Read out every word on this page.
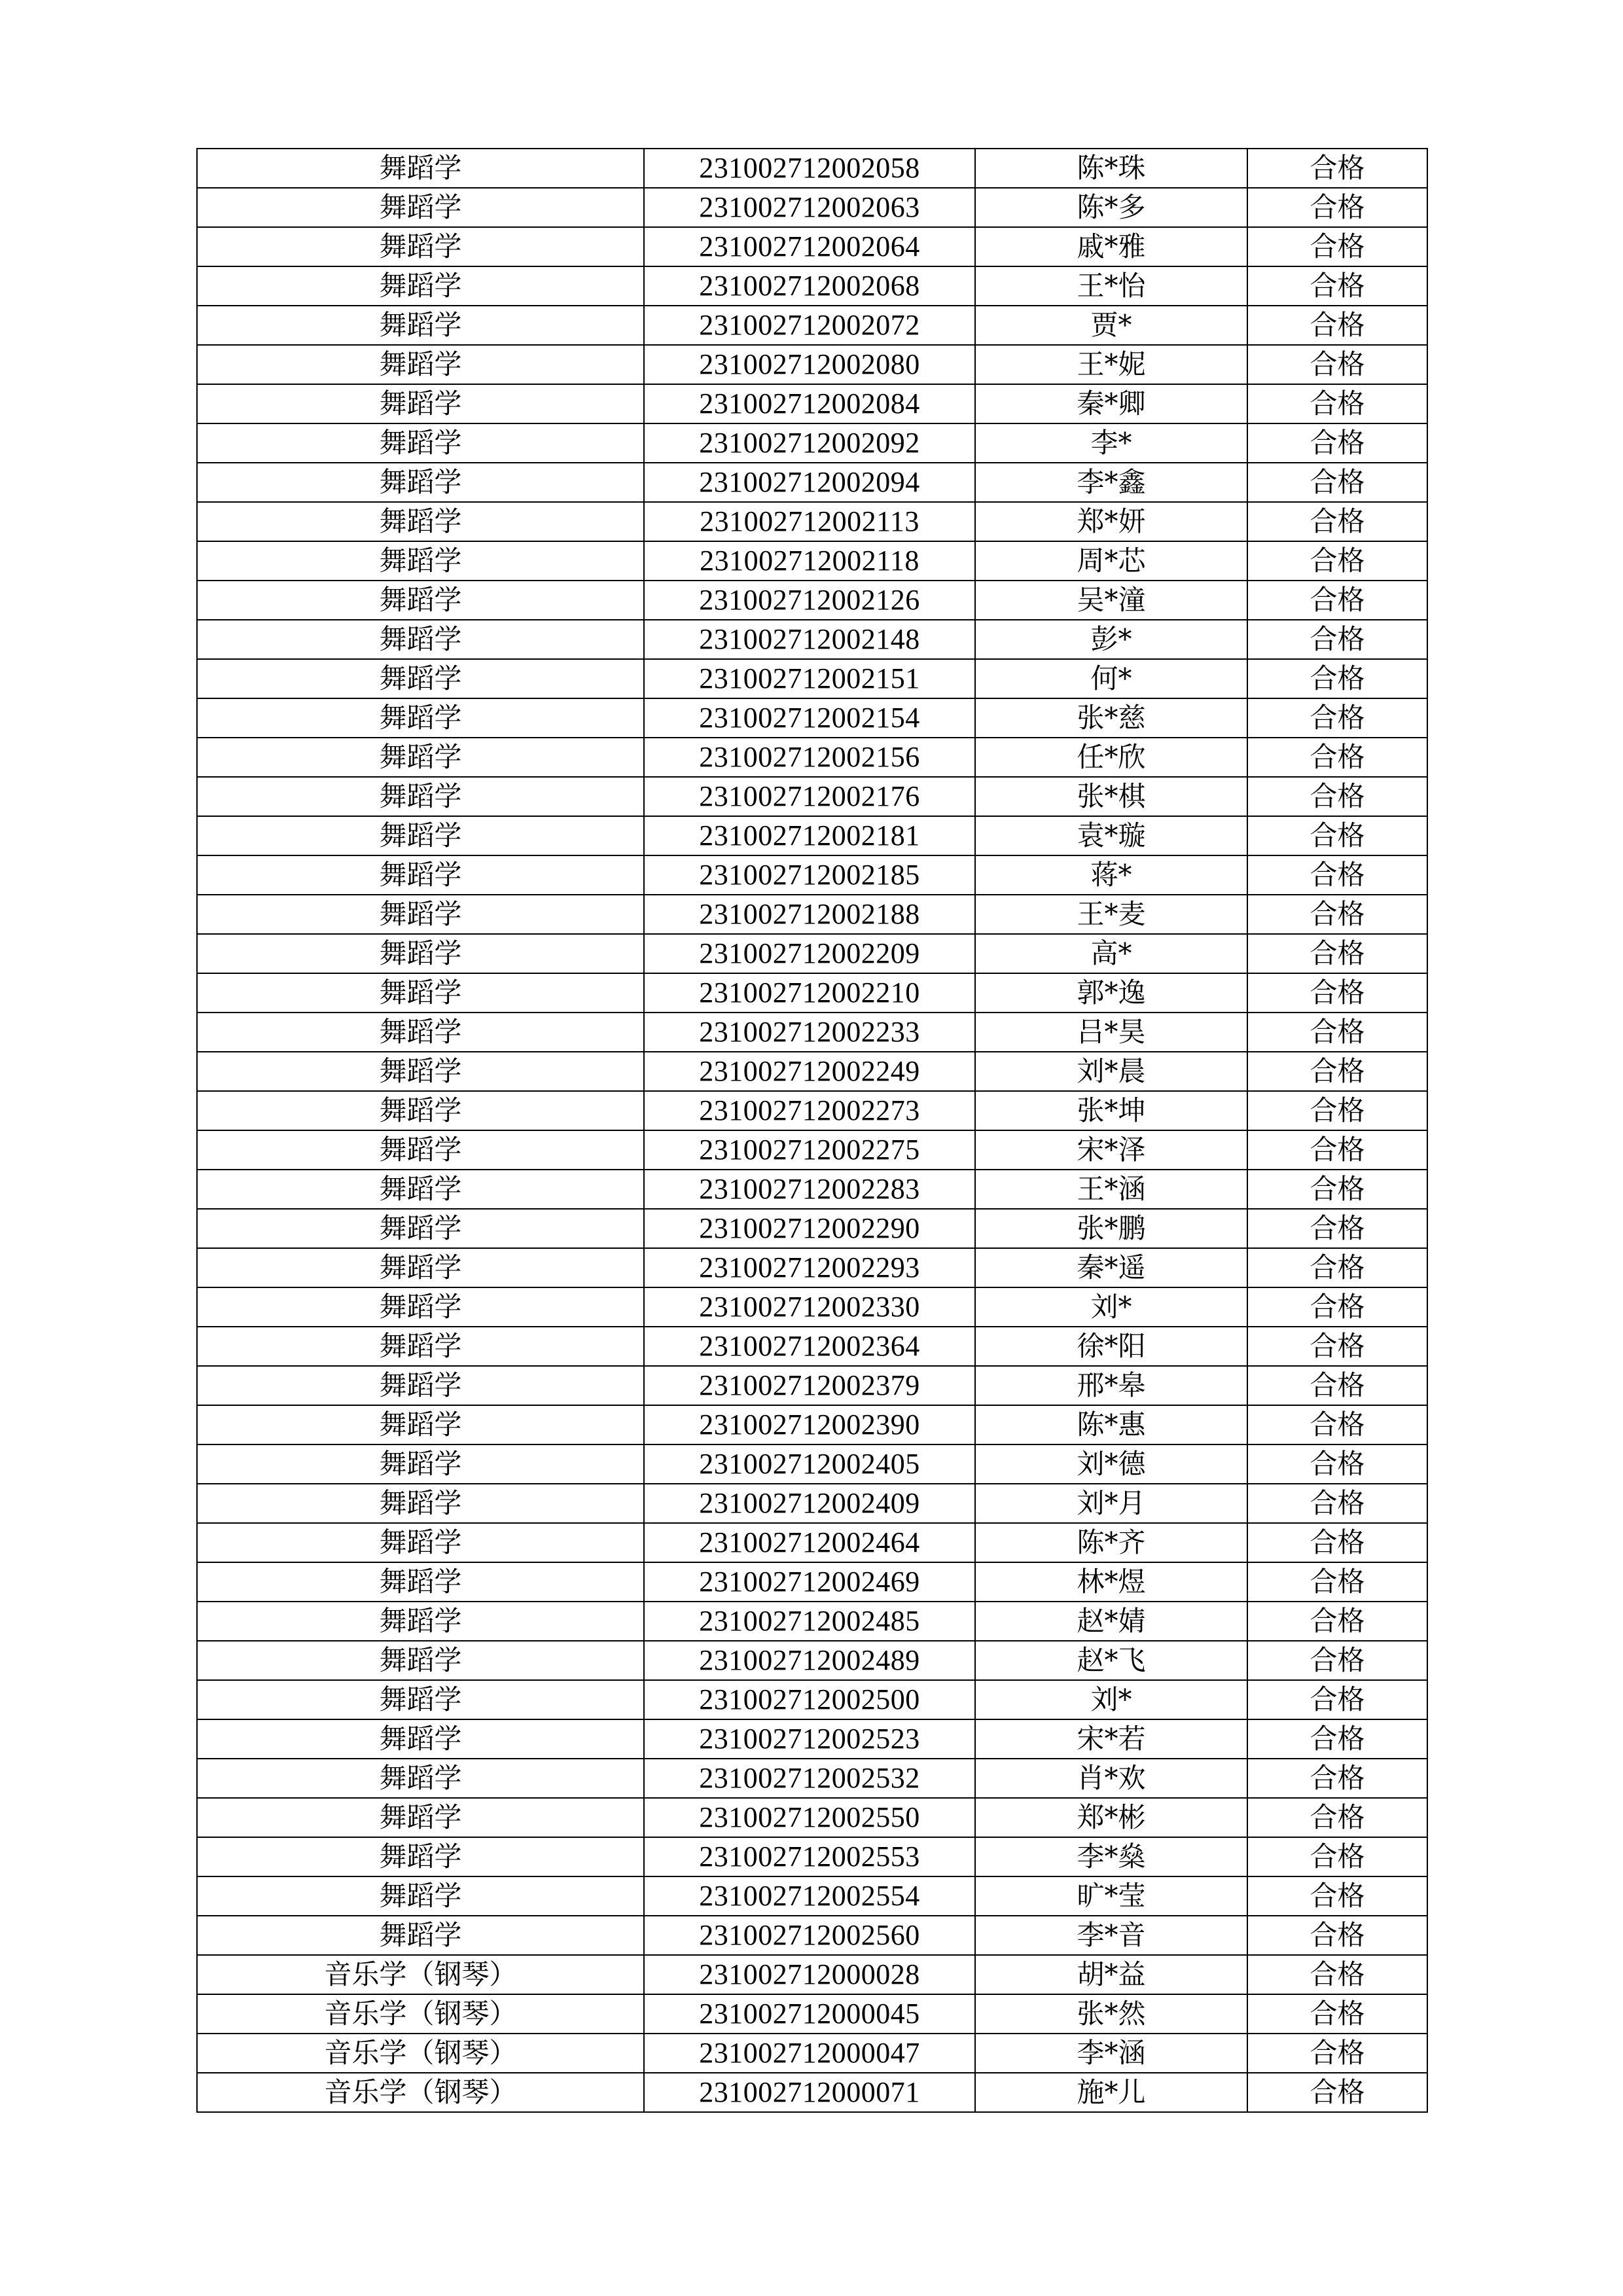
舞蹈学	231002712002058	陈*珠	合格
舞蹈学	231002712002063	陈*多	合格
舞蹈学	231002712002064	戚*雅	合格
舞蹈学	231002712002068	王*怡	合格
舞蹈学	231002712002072	贾*	合格
舞蹈学	231002712002080	王*妮	合格
舞蹈学	231002712002084	秦*卿	合格
舞蹈学	231002712002092	李*	合格
舞蹈学	231002712002094	李*鑫	合格
舞蹈学	231002712002113	郑*妍	合格
舞蹈学	231002712002118	周*芯	合格
舞蹈学	231002712002126	吴*潼	合格
舞蹈学	231002712002148	彭*	合格
舞蹈学	231002712002151	何*	合格
舞蹈学	231002712002154	张*慈	合格
舞蹈学	231002712002156	任*欣	合格
舞蹈学	231002712002176	张*棋	合格
舞蹈学	231002712002181	袁*璇	合格
舞蹈学	231002712002185	蒋*	合格
舞蹈学	231002712002188	王*麦	合格
舞蹈学	231002712002209	高*	合格
舞蹈学	231002712002210	郭*逸	合格
舞蹈学	231002712002233	吕*昊	合格
舞蹈学	231002712002249	刘*晨	合格
舞蹈学	231002712002273	张*坤	合格
舞蹈学	231002712002275	宋*泽	合格
舞蹈学	231002712002283	王*涵	合格
舞蹈学	231002712002290	张*鹏	合格
舞蹈学	231002712002293	秦*遥	合格
舞蹈学	231002712002330	刘*	合格
舞蹈学	231002712002364	徐*阳	合格
舞蹈学	231002712002379	邢*皋	合格
舞蹈学	231002712002390	陈*惠	合格
舞蹈学	231002712002405	刘*德	合格
舞蹈学	231002712002409	刘*月	合格
舞蹈学	231002712002464	陈*齐	合格
舞蹈学	231002712002469	林*煜	合格
舞蹈学	231002712002485	赵*婧	合格
舞蹈学	231002712002489	赵*飞	合格
舞蹈学	231002712002500	刘*	合格
舞蹈学	231002712002523	宋*若	合格
舞蹈学	231002712002532	肖*欢	合格
舞蹈学	231002712002550	郑*彬	合格
舞蹈学	231002712002553	李*燊	合格
舞蹈学	231002712002554	旷*莹	合格
舞蹈学	231002712002560	李*音	合格
音乐学（钢琴）	231002712000028	胡*益	合格
音乐学（钢琴）	231002712000045	张*然	合格
音乐学（钢琴）	231002712000047	李*涵	合格
音乐学（钢琴）	231002712000071	施*儿	合格
